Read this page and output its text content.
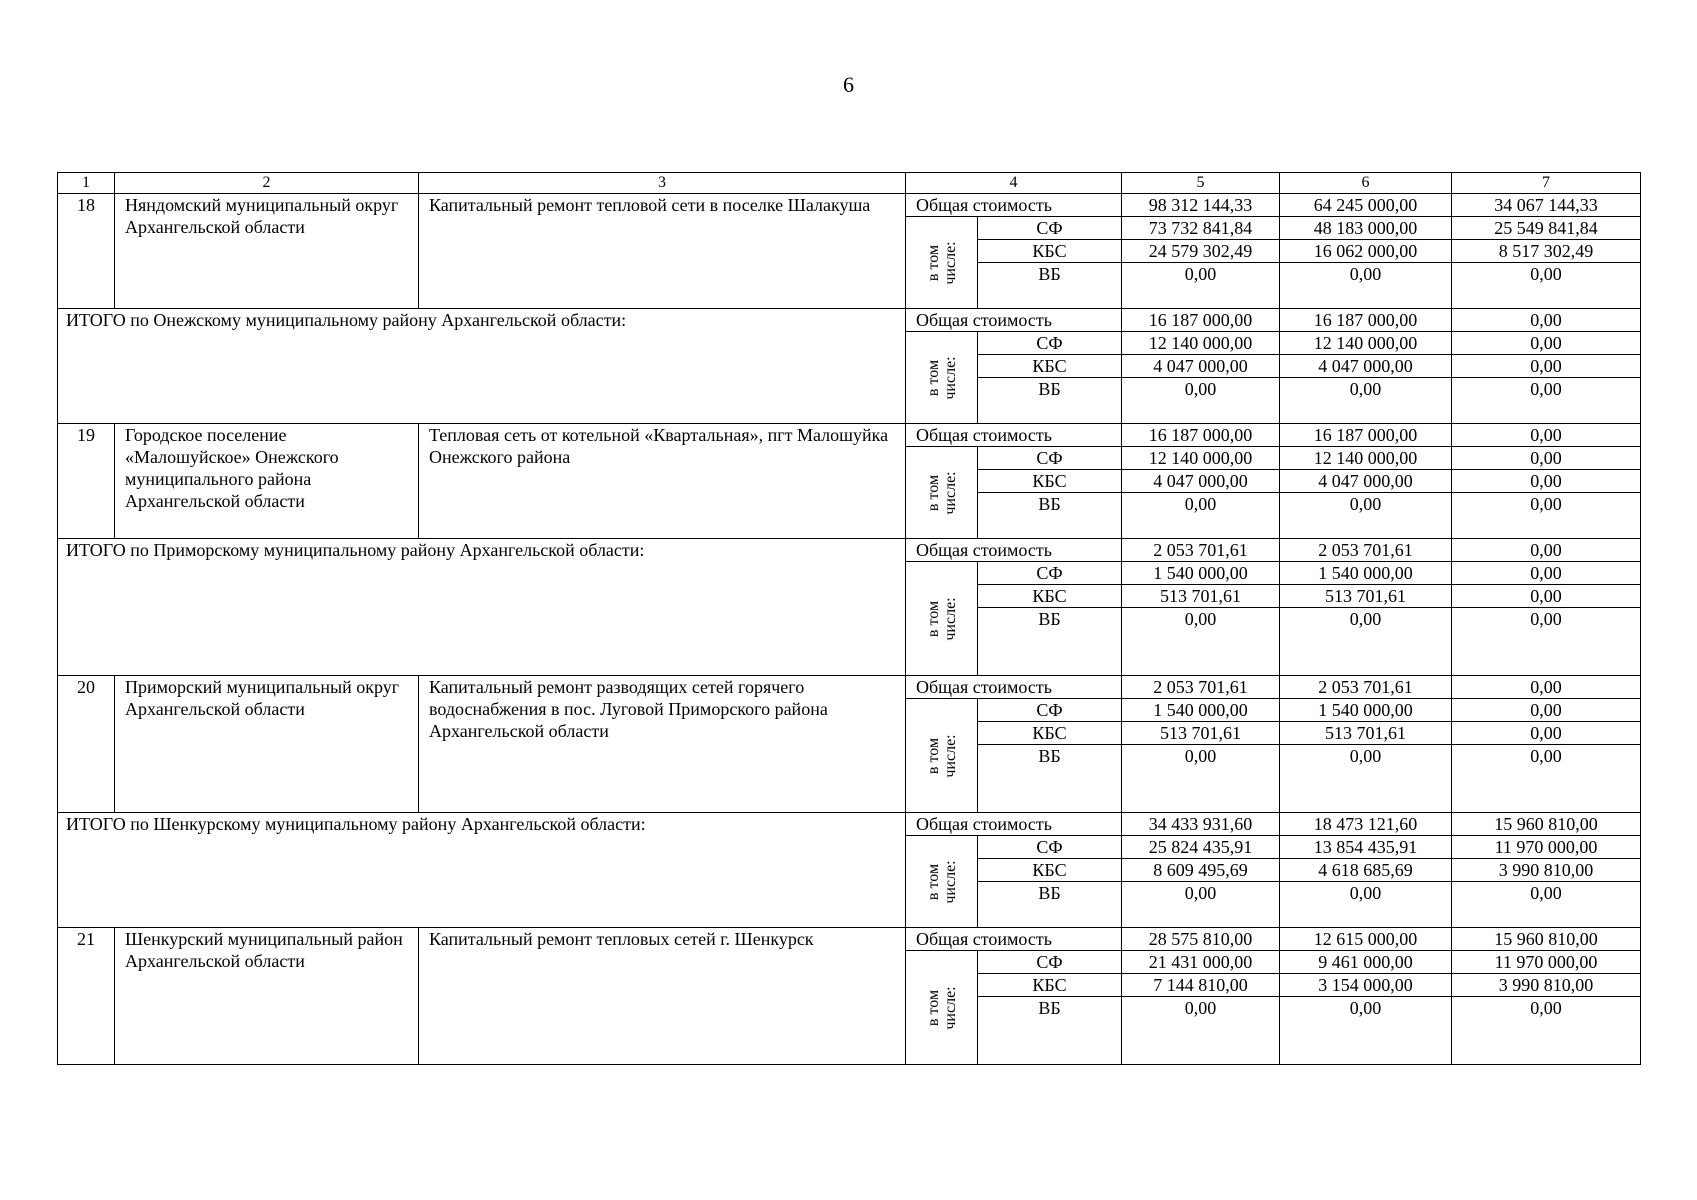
6
1	2	3	4		5	6	7
18	Няндомский муниципальный округ Архангельской области	Капитальный ремонт тепловой сети в поселке Шалакуша	Общая стоимость		98 312 144,33	64 245 000,00	34 067 144,33

			в том числе:	СФ	73 732 841,84	48 183 000,00	25 549 841,84
				КБС	24 579 302,49	16 062 000,00	8 517 302,49
				ВБ	0,00	0,00	0,00
ИТОГО по Онежскому муниципальному району Архангельской области:			Общая стоимость		16 187 000,00	16 187 000,00	0,00

			в том числе:	СФ	12 140 000,00	12 140 000,00	0,00
				КБС	4 047 000,00	4 047 000,00	0,00
				ВБ	0,00	0,00	0,00
19	Городское поселение «Малошуйское» Онежского муниципального района Архангельской области	Тепловая сеть от котельной «Квартальная», пгт Малошуйка Онежского района	Общая стоимость		16 187 000,00	16 187 000,00	0,00

			в том числе:	СФ	12 140 000,00	12 140 000,00	0,00
				КБС	4 047 000,00	4 047 000,00	0,00
				ВБ	0,00	0,00	0,00
ИТОГО по Приморскому муниципальному району Архангельской области:			Общая стоимость		2 053 701,61	2 053 701,61	0,00

			в том числе:	СФ	1 540 000,00	1 540 000,00	0,00
				КБС	513 701,61	513 701,61	0,00
				ВБ	0,00	0,00	0,00
20	Приморский муниципальный округ Архангельской области	Капитальный ремонт разводящих сетей горячего водоснабжения в пос. Луговой Приморского района Архангельской области	Общая стоимость		2 053 701,61	2 053 701,61	0,00

			в том числе:	СФ	1 540 000,00	1 540 000,00	0,00
				КБС	513 701,61	513 701,61	0,00
				ВБ	0,00	0,00	0,00
ИТОГО по Шенкурскому муниципальному району Архангельской области:			Общая стоимость		34 433 931,60	18 473 121,60	15 960 810,00

			в том числе:	СФ	25 824 435,91	13 854 435,91	11 970 000,00
				КБС	8 609 495,69	4 618 685,69	3 990 810,00
				ВБ	0,00	0,00	0,00
21	Шенкурский муниципальный район Архангельской области	Капитальный ремонт тепловых сетей г. Шенкурск	Общая стоимость		28 575 810,00	12 615 000,00	15 960 810,00

			в том числе:	СФ	21 431 000,00	9 461 000,00	11 970 000,00
				КБС	7 144 810,00	3 154 000,00	3 990 810,00
				ВБ	0,00	0,00	0,00
